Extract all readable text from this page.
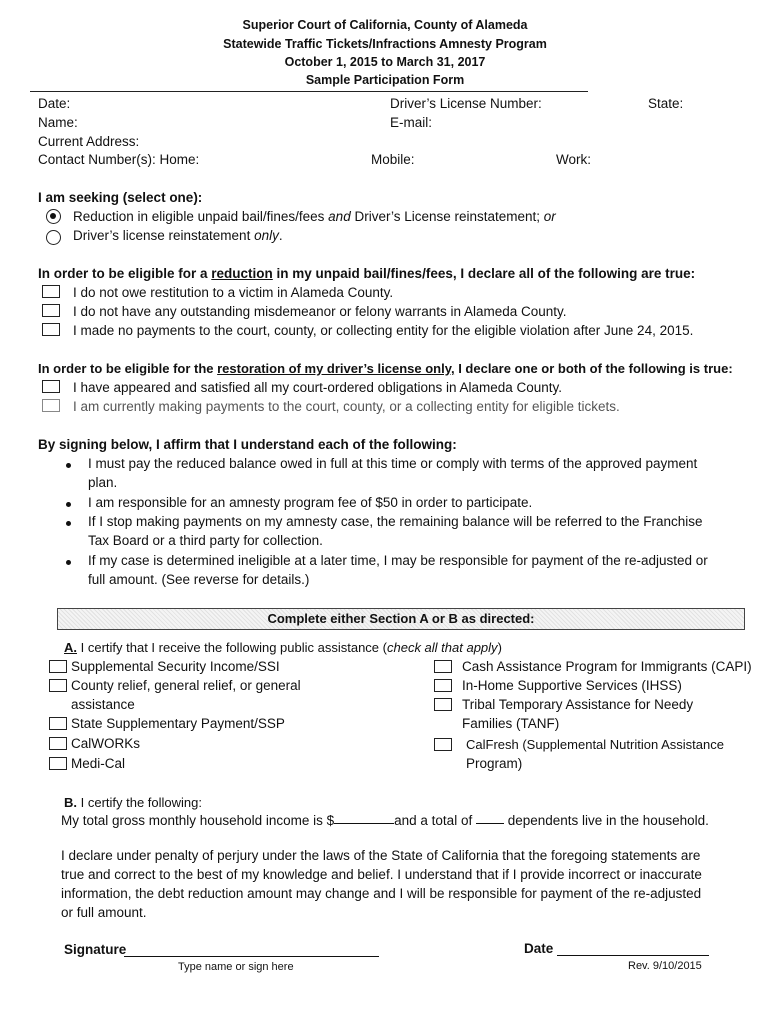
Superior Court of California, County of Alameda
Statewide Traffic Tickets/Infractions Amnesty Program
October 1, 2015 to March 31, 2017
Sample Participation Form
Date:	Driver’s License Number:	State:
Name:	E-mail:
Current Address:
Contact Number(s): Home:	Mobile:	Work:
I am seeking (select one):
Reduction in eligible unpaid bail/fines/fees and Driver’s License reinstatement; or
Driver’s license reinstatement only.
In order to be eligible for a reduction in my unpaid bail/fines/fees, I declare all of the following are true:
I do not owe restitution to a victim in Alameda County.
I do not have any outstanding misdemeanor or felony warrants in Alameda County.
I made no payments to the court, county, or collecting entity for the eligible violation after June 24, 2015.
In order to be eligible for the restoration of my driver’s license only, I declare one or both of the following is true:
I have appeared and satisfied all my court-ordered obligations in Alameda County.
I am currently making payments to the court, county, or a collecting entity for eligible tickets.
By signing below, I affirm that I understand each of the following:
I must pay the reduced balance owed in full at this time or comply with terms of the approved payment
plan.
I am responsible for an amnesty program fee of $50 in order to participate.
If I stop making payments on my amnesty case, the remaining balance will be referred to the Franchise
Tax Board or a third party for collection.
If my case is determined ineligible at a later time, I may be responsible for payment of the re-adjusted or
full amount. (See reverse for details.)
Complete either Section A or B as directed:
A. I certify that I receive the following public assistance (check all that apply)
Supplemental Security Income/SSI
County relief, general relief, or general
assistance
State Supplementary Payment/SSP
CalWORKs
Medi-Cal
Cash Assistance Program for Immigrants (CAPI)
In-Home Supportive Services (IHSS)
Tribal Temporary Assistance for Needy
Families (TANF)
CalFresh (Supplemental Nutrition Assistance
Program)
B. I certify the following:
My total gross monthly household income is $	and a total of  dependents live in the household.
I declare under penalty of perjury under the laws of the State of California that the foregoing statements are
true and correct to the best of my knowledge and belief. I understand that if I provide incorrect or inaccurate
information, the debt reduction amount may change and I will be responsible for payment of the re-adjusted
or full amount.
Signature
Type name or sign here
Date
Rev. 9/10/2015
